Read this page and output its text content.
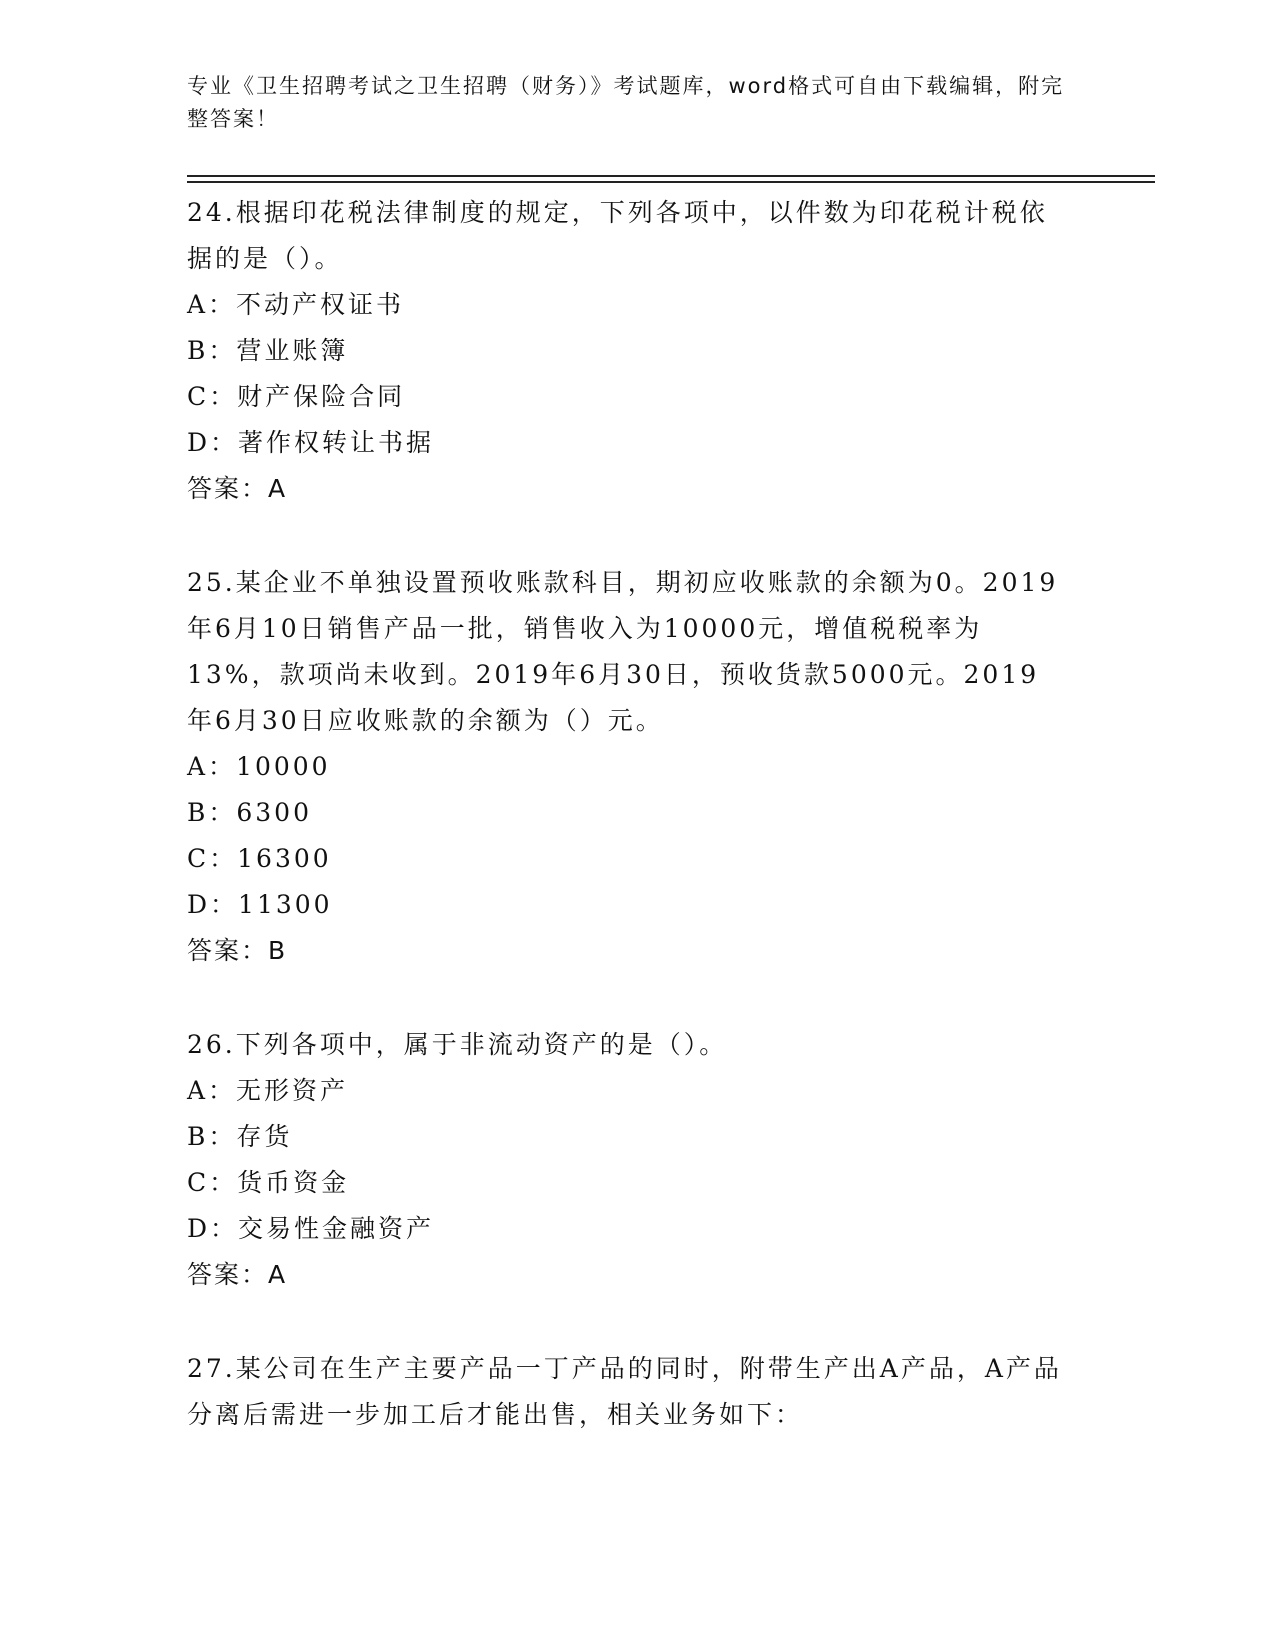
专业《卫生招聘考试之卫生招聘（财务）》考试题库，word格式可自由下载编辑，附完整答案！
24.根据印花税法律制度的规定，下列各项中，以件数为印花税计税依据的是（）。
A：不动产权证书
B：营业账簿
C：财产保险合同
D：著作权转让书据
答案：A
25.某企业不单独设置预收账款科目，期初应收账款的余额为0。2019年6月10日销售产品一批，销售收入为10000元，增值税税率为13%，款项尚未收到。2019年6月30日，预收货款5000元。2019年6月30日应收账款的余额为（）元。
A：10000
B：6300
C：16300
D：11300
答案：B
26.下列各项中，属于非流动资产的是（）。
A：无形资产
B：存货
C：货币资金
D：交易性金融资产
答案：A
27.某公司在生产主要产品一丁产品的同时，附带生产出A产品，A产品分离后需进一步加工后才能出售，相关业务如下：
